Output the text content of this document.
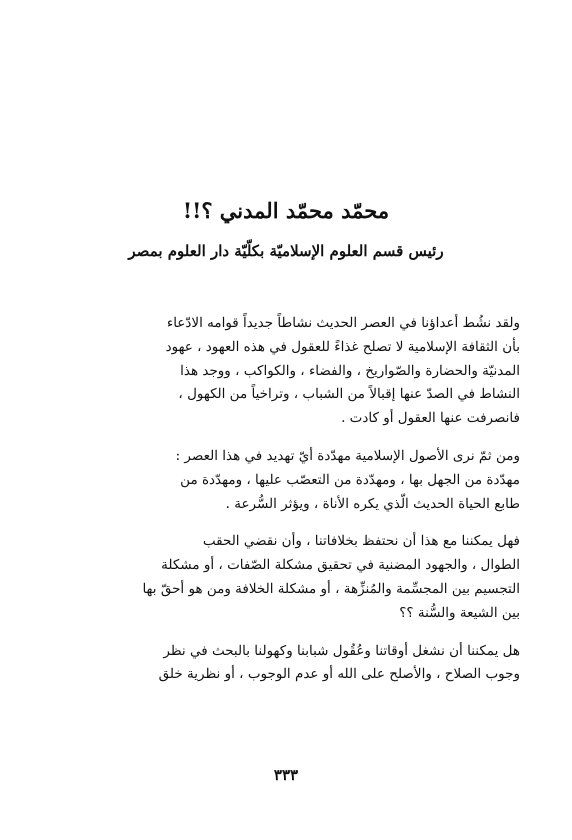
محمّد محمّد المدني ؟!!
رئيس قسم العلوم الإسلاميّة بكلّيّة دار العلوم بمصر

ولقد نشُط أعداؤنا في العصر الحديث نشاطاً جديداً قوامه الادّعاء
بأن الثقافة الإسلامية لا تصلح غذاءً للعقول في هذه العهود ، عهود
المدنيّة والحضارة والصّواريخ ، والفضاء ، والكواكب ، ووجد هذا
النشاط في الصدّ عنها إقبالاً من الشباب ، وتراخياً من الكهول ،
فانصرفت عنها العقول أو كادت .

ومن ثمّ نرى الأصول الإسلامية مهدّدة أيّ تهديد في هذا العصر :
مهدّدة من الجهل بها ، ومهدّدة من التعصّب عليها ، ومهدّدة من
طابع الحياة الحديث الّذي يكره الأناة ، ويؤثر السُّرعة .

فهل يمكننا مع هذا أن نحتفظ بخلافاتنا ، وأن نقضي الحقب
الطوال ، والجهود المضنية في تحقيق مشكلة الصّفات ، أو مشكلة
التجسيم بين المجسِّمة والمُنزِّهة ، أو مشكلة الخلافة ومن هو أحقّ بها
بين الشيعة والسُّنة ؟؟

هل يمكننا أن نشغل أوقاتنا وعُقُول شبابنا وكهولنا بالبحث في نظر
وجوب الصلاح ، والأصلح على الله أو عدم الوجوب ، أو نظرية خلق

٣٣٣
